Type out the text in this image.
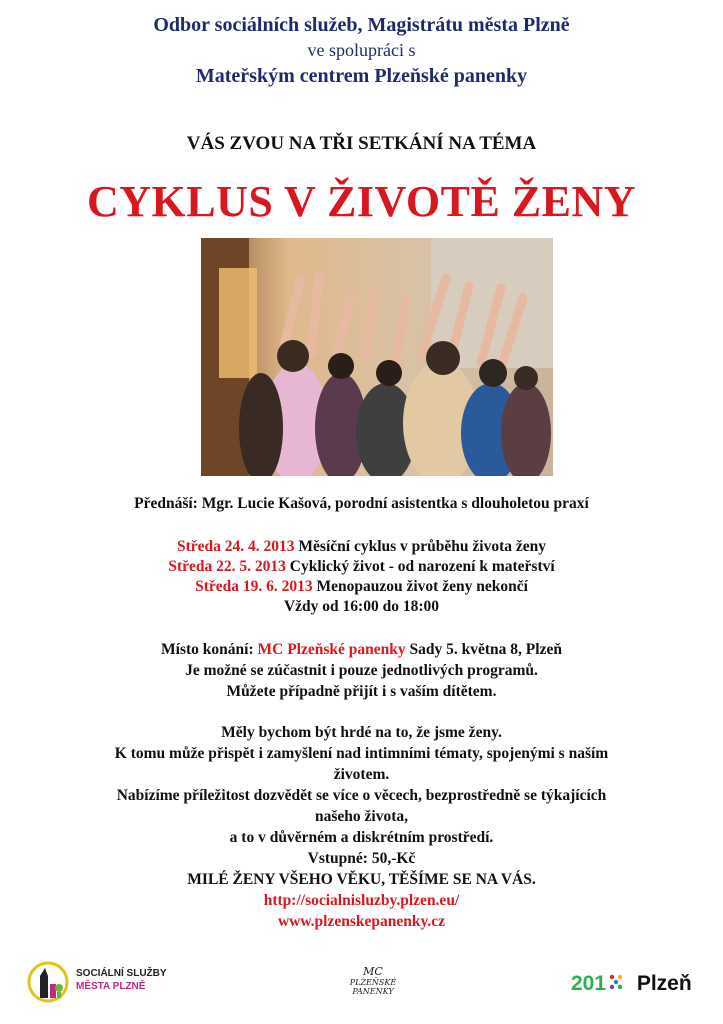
Odbor sociálních služeb, Magistrátu města Plzně
ve spolupráci s
Mateřským centrem Plzeňské panenky
VÁS ZVOU NA TŘI SETKÁNÍ NA TÉMA
CYKLUS V ŽIVOTĚ ŽENY
Přednáší: Mgr. Lucie Kašová, porodní asistentka s dlouholetou praxí
Středa 24. 4. 2013 Měsíční cyklus v průběhu života ženy
Středa 22. 5. 2013 Cyklický život - od narození k mateřství
Středa 19. 6. 2013 Menopauzou život ženy nekončí
Vždy od 16:00 do 18:00
Místo konání: MC Plzeňské panenky Sady 5. května 8, Plzeň
Je možné se zúčastnit i pouze jednotlivých programů.
Můžete případně přijít i s vaším dítětem.
Měly bychom být hrdé na to, že jsme ženy.
K tomu může přispět i zamyšlení nad intimními tématy, spojenými s naším
životem.
Nabízíme příležitost dozvědět se více o věcech, bezprostředně se týkajících
našeho života,
a to v důvěrném a diskrétním prostředí.
Vstupné: 50,-Kč
MILÉ ŽENY VŠEHO VĚKU, TĚŠÍME SE NA VÁS.
http://socialnisluzby.plzen.eu/
www.plzenskepanenky.cz
SOCIÁLNÍ SLUŽBY
MĚSTA PLZNĚ
MC
PLZEŇSKÉ
PANENKY	201 Plzeň
